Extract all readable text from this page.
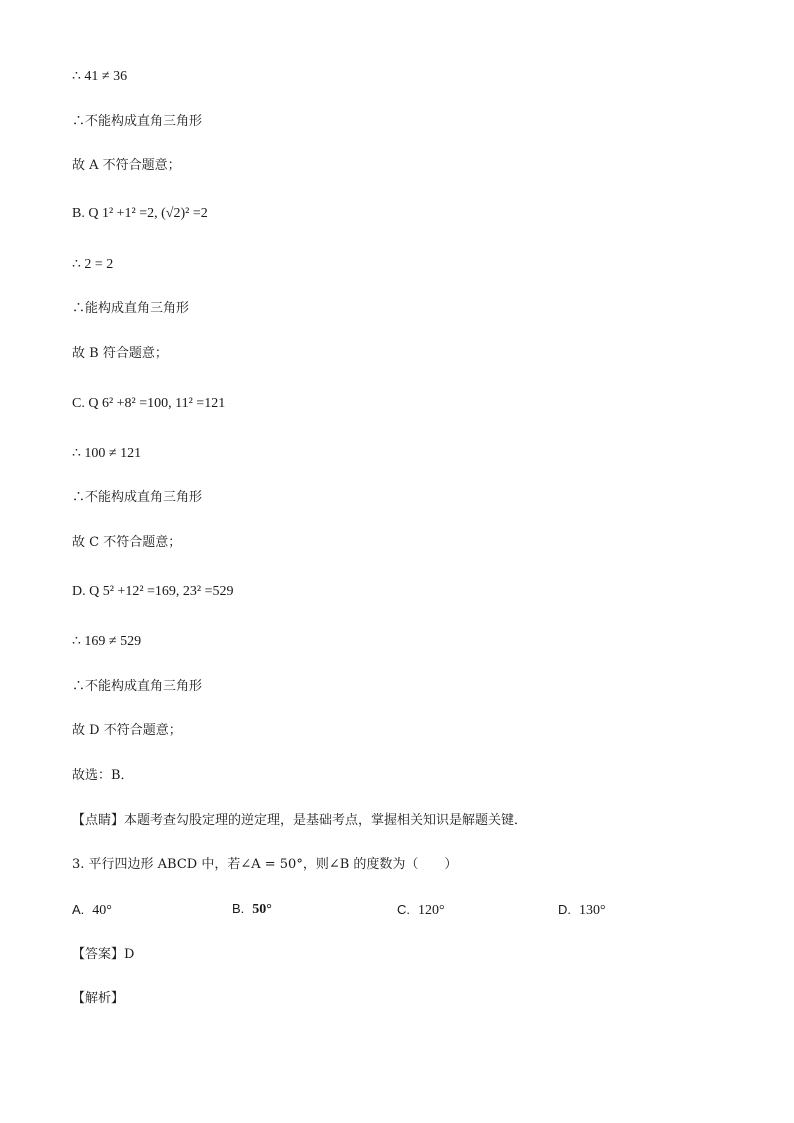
∴ 41 ≠ 36
∴不能构成直角三角形
故 A 不符合题意；
B. Q 1² +1² =2, (√2)² =2
∴ 2 = 2
∴能构成直角三角形
故 B 符合题意；
C. Q 6² +8² =100, 11² =121
∴ 100 ≠ 121
∴不能构成直角三角形
故 C 不符合题意；
D. Q 5² +12² =169, 23² =529
∴ 169 ≠ 529
∴不能构成直角三角形
故 D 不符合题意；
故选：B．
【点睛】本题考查勾股定理的逆定理，是基础考点，掌握相关知识是解题关键．
3. 平行四边形 ABCD 中，若∠A = 50°，则∠B 的度数为（　　）
A. 40°	B. 50°	C. 120°	D. 130°
【答案】D
【解析】
